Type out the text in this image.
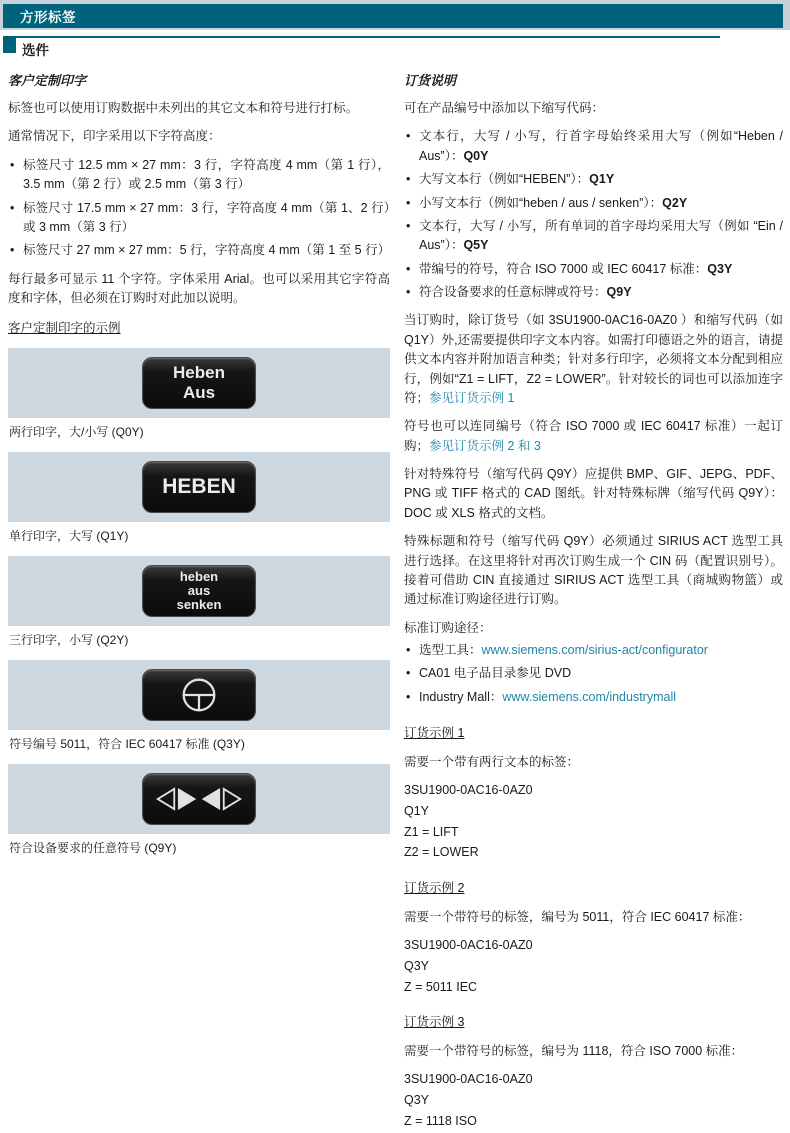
方形标签
选件
客户定制印字

标签也可以使用订购数据中未列出的其它文本和符号进行打标。

通常情况下，印字采用以下字符高度：

• 标签尺寸 12.5 mm × 27 mm：3 行，字符高度 4 mm（第 1 行），3.5 mm（第 2 行）或 2.5 mm（第 3 行）
• 标签尺寸 17.5 mm × 27 mm：3 行，字符高度 4 mm（第 1、2 行）或 3 mm（第 3 行）
• 标签尺寸 27 mm × 27 mm：5 行，字符高度 4 mm（第 1 至 5 行）

每行最多可显示 11 个字符。字体采用 Arial。也可以采用其它字符高度和字体，但必须在订购时对此加以说明。

客户定制印字的示例
Heben
Aus
两行印字，大/小写 (Q0Y)
HEBEN
单行印字，大写 (Q1Y)
heben
aus
senken
三行印字，小写 (Q2Y)
符号编号 5011，符合 IEC 60417 标准 (Q3Y)
符合设备要求的任意符号 (Q9Y)
订货说明

可在产品编号中添加以下缩写代码：

• 文本行，大写 / 小写，行首字母始终采用大写（例如“Heben / Aus”）：Q0Y
• 大写文本行（例如“HEBEN”）：Q1Y
• 小写文本行（例如“heben / aus / senken”）：Q2Y
• 文本行，大写 / 小写，所有单词的首字母均采用大写（例如 “Ein / Aus”）：Q5Y
• 带编号的符号，符合 ISO 7000 或 IEC 60417 标准：Q3Y
• 符合设备要求的任意标牌或符号：Q9Y

当订购时，除订货号（如 3SU1900-0AC16-0AZ0 ）和缩写代码（如Q1Y）外,还需要提供印字文本内容。如需打印德语之外的语言，请提供文本内容并附加语言种类；针对多行印字，必须将文本分配到相应行，例如“Z1 = LIFT，Z2 = LOWER”。针对较长的词也可以添加连字符；参见订货示例 1

符号也可以连同编号（符合 ISO 7000 或 IEC 60417 标准）一起订购；参见订货示例 2 和 3

针对特殊符号（缩写代码 Q9Y）应提供 BMP、GIF、JEPG、PDF、PNG 或 TIFF 格式的 CAD 图纸。针对特殊标牌（缩写代码 Q9Y）：DOC 或 XLS 格式的文档。

特殊标题和符号（缩写代码 Q9Y）必须通过 SIRIUS ACT 选型工具进行选择。在这里将针对再次订购生成一个 CIN 码（配置识别号）。接着可借助 CIN 直接通过 SIRIUS ACT 选型工具（商城购物篮）或通过标准订购途径进行订购。

标准订购途径：

• 选型工具：www.siemens.com/sirius-act/configurator
• CA01 电子品目录参见 DVD
• Industry Mall：www.siemens.com/industrymall
订货示例 1
需要一个带有两行文本的标签：
3SU1900-0AC16-0AZ0
Q1Y
Z1 = LIFT
Z2 = LOWER
订货示例 2
需要一个带符号的标签，编号为 5011，符合 IEC 60417 标准：
3SU1900-0AC16-0AZ0
Q3Y
Z = 5011 IEC
订货示例 3
需要一个带符号的标签，编号为 1118，符合 ISO 7000 标准：
3SU1900-0AC16-0AZ0
Q3Y
Z = 1118 ISO
